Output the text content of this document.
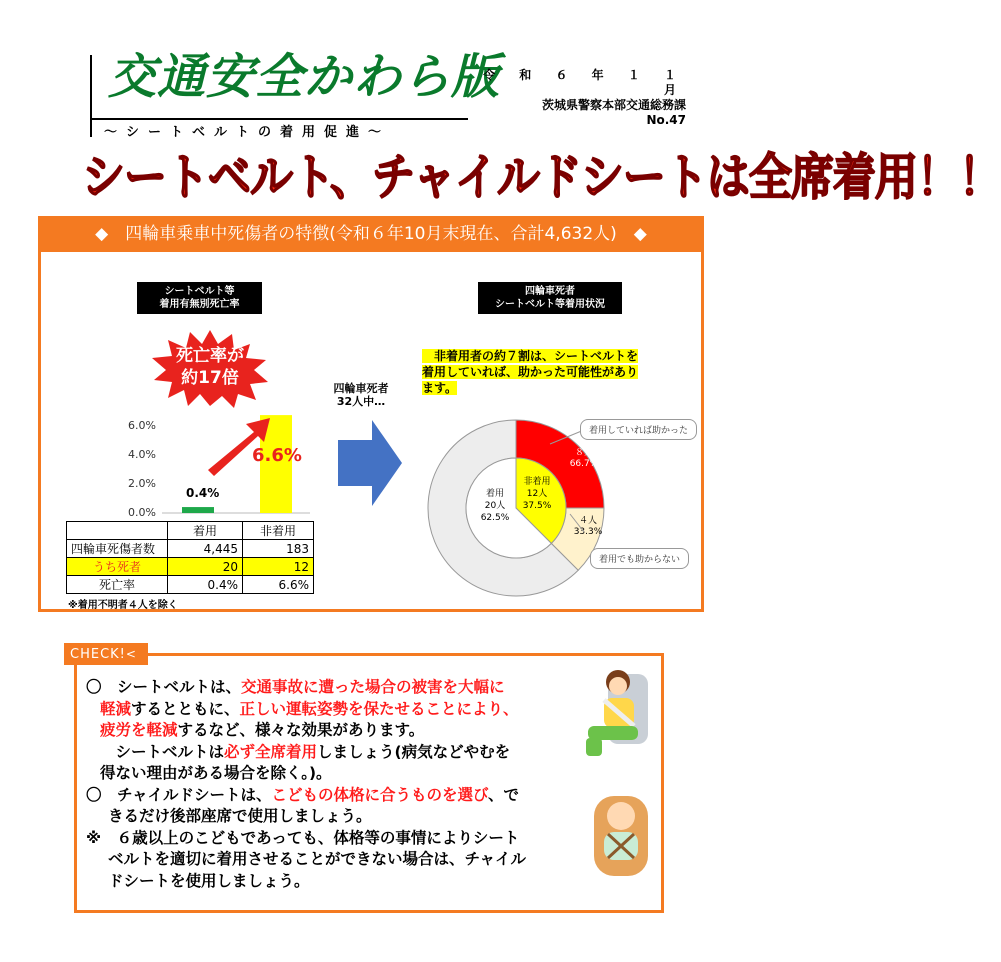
交通安全かわら版
～シートベルトの着用促進～
令 和 ６ 年 １ １ 月
茨城県警察本部交通総務課
No.47
シートベルト、チャイルドシートは全席着用！！
◆　四輪車乗車中死傷者の特徴(令和６年10月末現在、合計4,632人)　◆
シートベルト等
着用有無別死亡率
死亡率が
約17倍
6.0%
4.0%
2.0%
0.0%
0.4%
6.6%
	着用	非着用
四輪車死傷者数	4,445	183
うち死者	20	12
死亡率	0.4%	6.6%
※着用不明者４人を除く
四輪車死者
32人中…
四輪車死者
シートベルト等着用状況
　非着用者の約７割は、シートベルトを
着用していれば、助かった可能性があり
ます。
着用
20人
62.5%
非着用
12人
37.5%
８人
66.7%
４人
33.3%
着用していれば助かった
着用でも助からない
CHECK!<

〇　シートベルトは、交通事故に遭った場合の被害を大幅に

軽減するとともに、正しい運転姿勢を保たせることにより、

疲労を軽減するなど、様々な効果があります。

　シートベルトは必ず全席着用しましょう(病気などやむを

得ない理由がある場合を除く。)。

〇　チャイルドシートは、こどもの体格に合うものを選び、で

きるだけ後部座席で使用しましょう。

※　６歳以上のこどもであっても、体格等の事情によりシート

ベルトを適切に着用させることができない場合は、チャイル

ドシートを使用しましょう。
